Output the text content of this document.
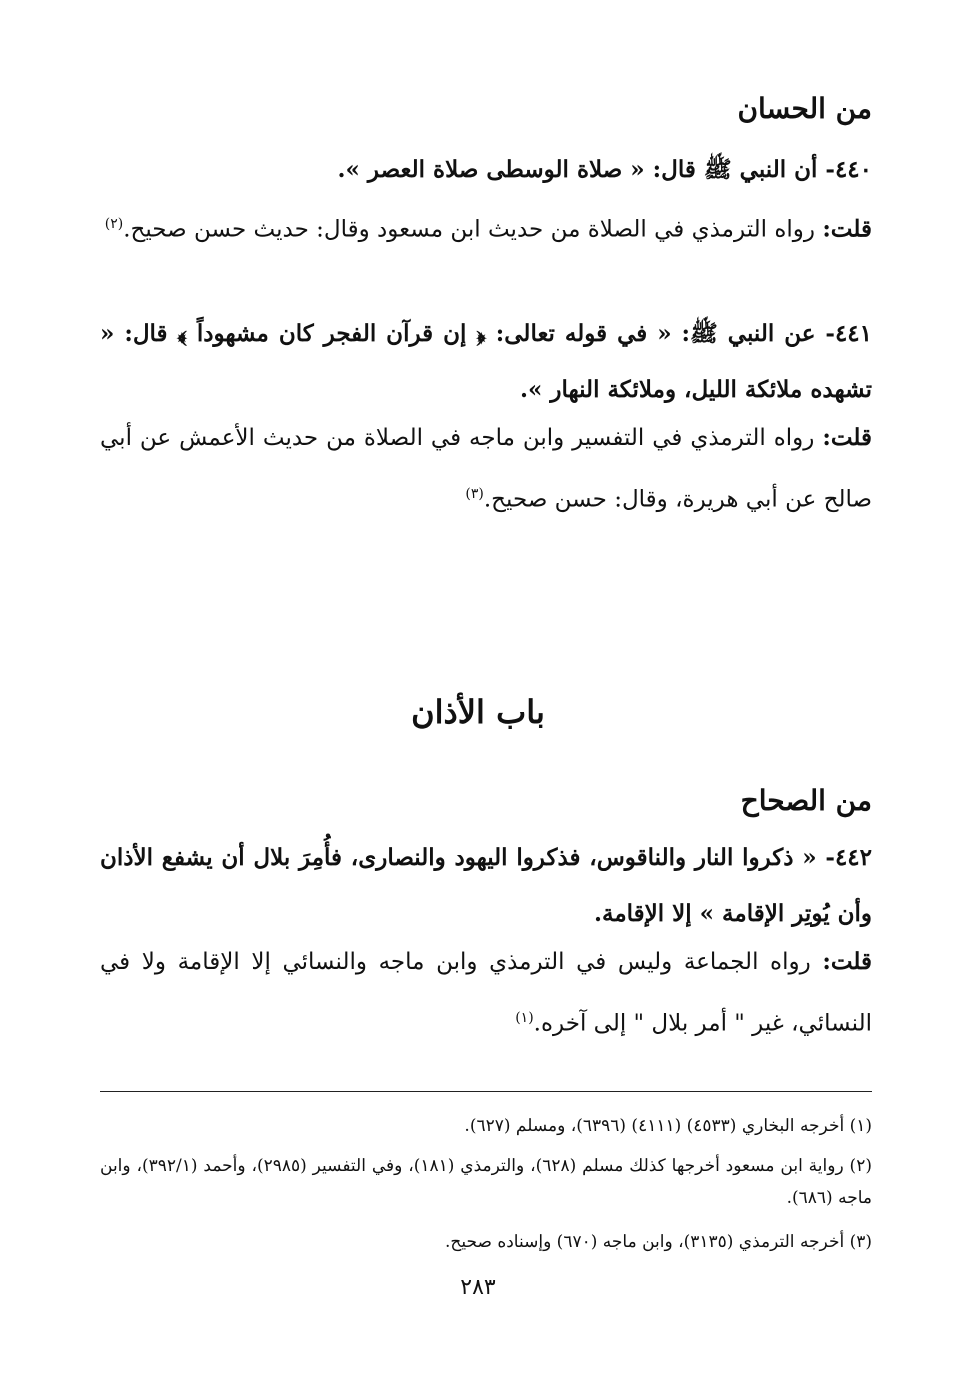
من الحسان
٤٤٠- أن النبي ﷺ قال: « صلاة الوسطى صلاة العصر ».
قلت: رواه الترمذي في الصلاة من حديث ابن مسعود وقال: حديث حسن صحيح.$^{(٢)}$
٤٤١- عن النبي ﷺ: « في قوله تعالى: ﴿ إن قرآن الفجر كان مشهوداً ﴾ قال: « تشهده ملائكة الليل، وملائكة النهار ».
قلت: رواه الترمذي في التفسير وابن ماجه في الصلاة من حديث الأعمش عن أبي صالح عن أبي هريرة، وقال: حسن صحيح.$^{(٣)}$
باب الأذان
من الصحاح
٤٤٢- « ذكروا النار والناقوس، فذكروا اليهود والنصارى، فأُمِرَ بلال أن يشفع الأذان وأن يُوتِر الإقامة » إلا الإقامة.
قلت: رواه الجماعة وليس في الترمذي وابن ماجه والنسائي إلا الإقامة ولا في النسائي، غير " أمر بلال " إلى آخره.$^{(١)}$
(١) أخرجه البخاري (٤٥٣٣) (٤١١١) (٦٣٩٦)، ومسلم (٦٢٧).
(٢) رواية ابن مسعود أخرجها كذلك مسلم (٦٢٨)، والترمذي (١٨١)، وفي التفسير (٢٩٨٥)، وأحمد (٣٩٢/١)، وابن ماجه (٦٨٦).
(٣) أخرجه الترمذي (٣١٣٥)، وابن ماجه (٦٧٠) وإسناده صحيح.
٢٨٣
